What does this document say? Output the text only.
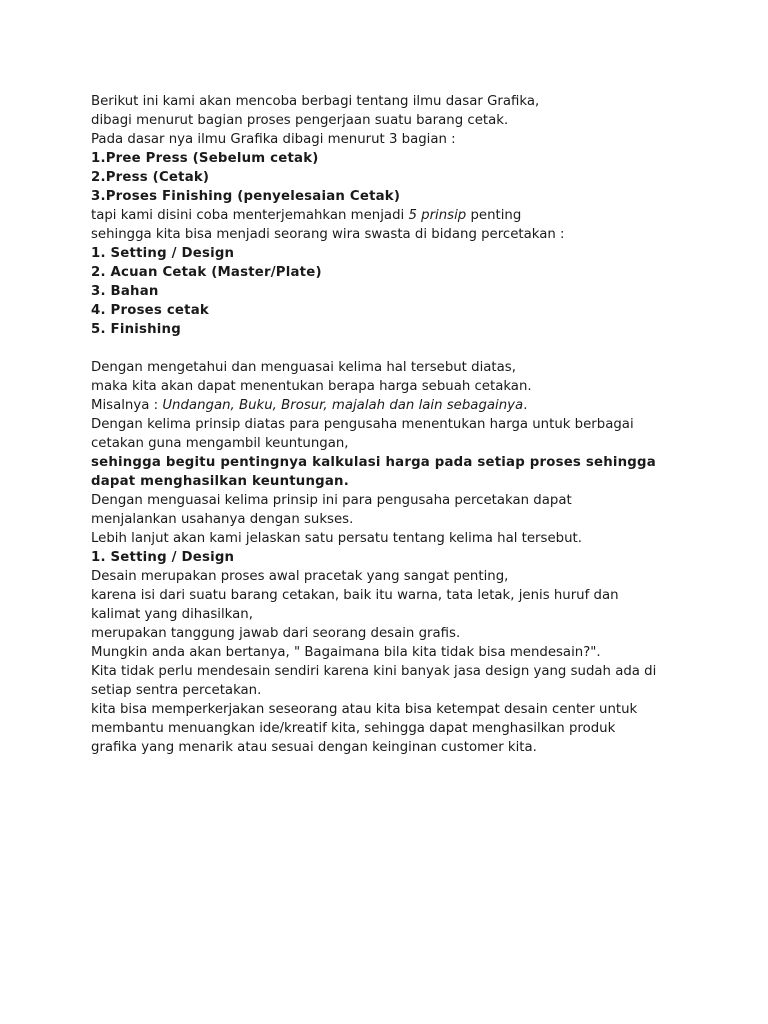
Berikut ini kami akan mencoba berbagi tentang ilmu dasar Grafika,
dibagi menurut bagian proses pengerjaan suatu barang cetak.
Pada dasar nya ilmu Grafika dibagi menurut 3 bagian :
1.Pree Press (Sebelum cetak)
2.Press (Cetak)
3.Proses Finishing (penyelesaian Cetak)
tapi kami disini coba menterjemahkan menjadi 5 prinsip penting
sehingga kita bisa menjadi seorang wira swasta di bidang percetakan :
1. Setting / Design
2. Acuan Cetak (Master/Plate)
3. Bahan
4. Proses cetak
5. Finishing
Dengan mengetahui dan menguasai kelima hal tersebut diatas,
maka kita akan dapat menentukan berapa harga sebuah cetakan.
Misalnya : Undangan, Buku, Brosur, majalah dan lain sebagainya.
Dengan kelima prinsip diatas para pengusaha menentukan harga untuk berbagai
cetakan guna mengambil keuntungan,
sehingga begitu pentingnya kalkulasi harga pada setiap proses sehingga
dapat menghasilkan keuntungan.
Dengan menguasai kelima prinsip ini para pengusaha percetakan dapat
menjalankan usahanya dengan sukses.
Lebih lanjut akan kami jelaskan satu persatu tentang kelima hal tersebut.
1. Setting / Design
Desain merupakan proses awal pracetak yang sangat penting,
karena isi dari suatu barang cetakan, baik itu warna, tata letak, jenis huruf dan
kalimat yang dihasilkan,
merupakan tanggung jawab dari seorang desain grafis.
Mungkin anda akan bertanya, " Bagaimana bila kita tidak bisa mendesain?".
Kita tidak perlu mendesain sendiri karena kini banyak jasa design yang sudah ada di
setiap sentra percetakan.
kita bisa memperkerjakan seseorang atau kita bisa ketempat desain center untuk
membantu menuangkan ide/kreatif kita, sehingga dapat menghasilkan produk
grafika yang menarik atau sesuai dengan keinginan customer kita.
